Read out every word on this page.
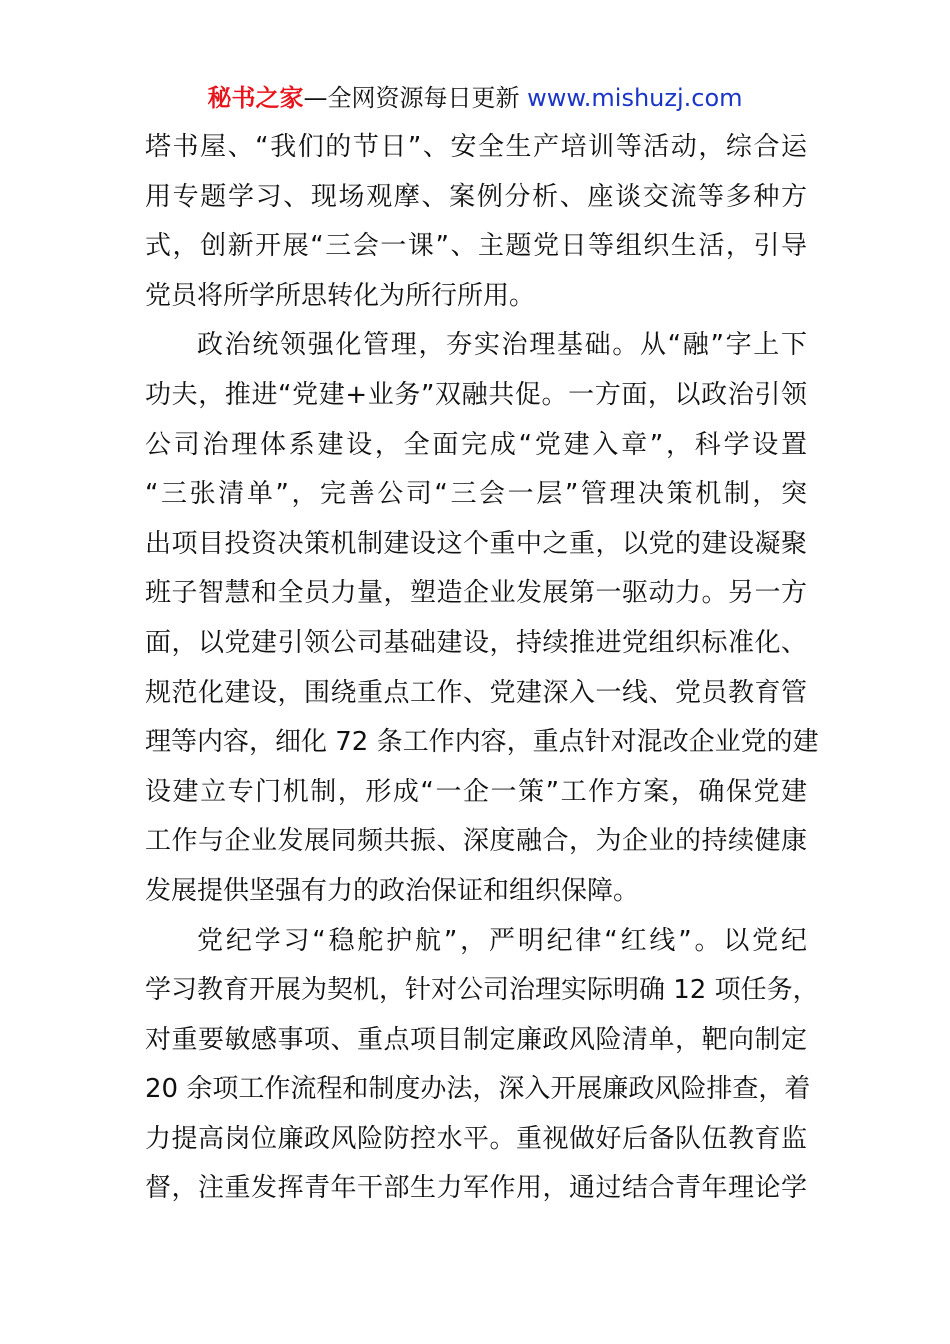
秘书之家—全网资源每日更新 www.mishuzj.com
塔书屋、“我们的节日”、安全生产培训等活动，综合运
用专题学习、现场观摩、案例分析、座谈交流等多种方
式，创新开展“三会一课”、主题党日等组织生活，引导
党员将所学所思转化为所行所用。
政治统领强化管理，夯实治理基础。从“融”字上下
功夫，推进“党建+业务”双融共促。一方面，以政治引领
公司治理体系建设，全面完成“党建入章”，科学设置
“三张清单”，完善公司“三会一层”管理决策机制，突
出项目投资决策机制建设这个重中之重，以党的建设凝聚
班子智慧和全员力量，塑造企业发展第一驱动力。另一方
面，以党建引领公司基础建设，持续推进党组织标准化、
规范化建设，围绕重点工作、党建深入一线、党员教育管
理等内容，细化 72 条工作内容，重点针对混改企业党的建
设建立专门机制，形成“一企一策”工作方案，确保党建
工作与企业发展同频共振、深度融合，为企业的持续健康
发展提供坚强有力的政治保证和组织保障。
党纪学习“稳舵护航”，严明纪律“红线”。以党纪
学习教育开展为契机，针对公司治理实际明确 12 项任务，
对重要敏感事项、重点项目制定廉政风险清单，靶向制定
20 余项工作流程和制度办法，深入开展廉政风险排查，着
力提高岗位廉政风险防控水平。重视做好后备队伍教育监
督，注重发挥青年干部生力军作用，通过结合青年理论学
